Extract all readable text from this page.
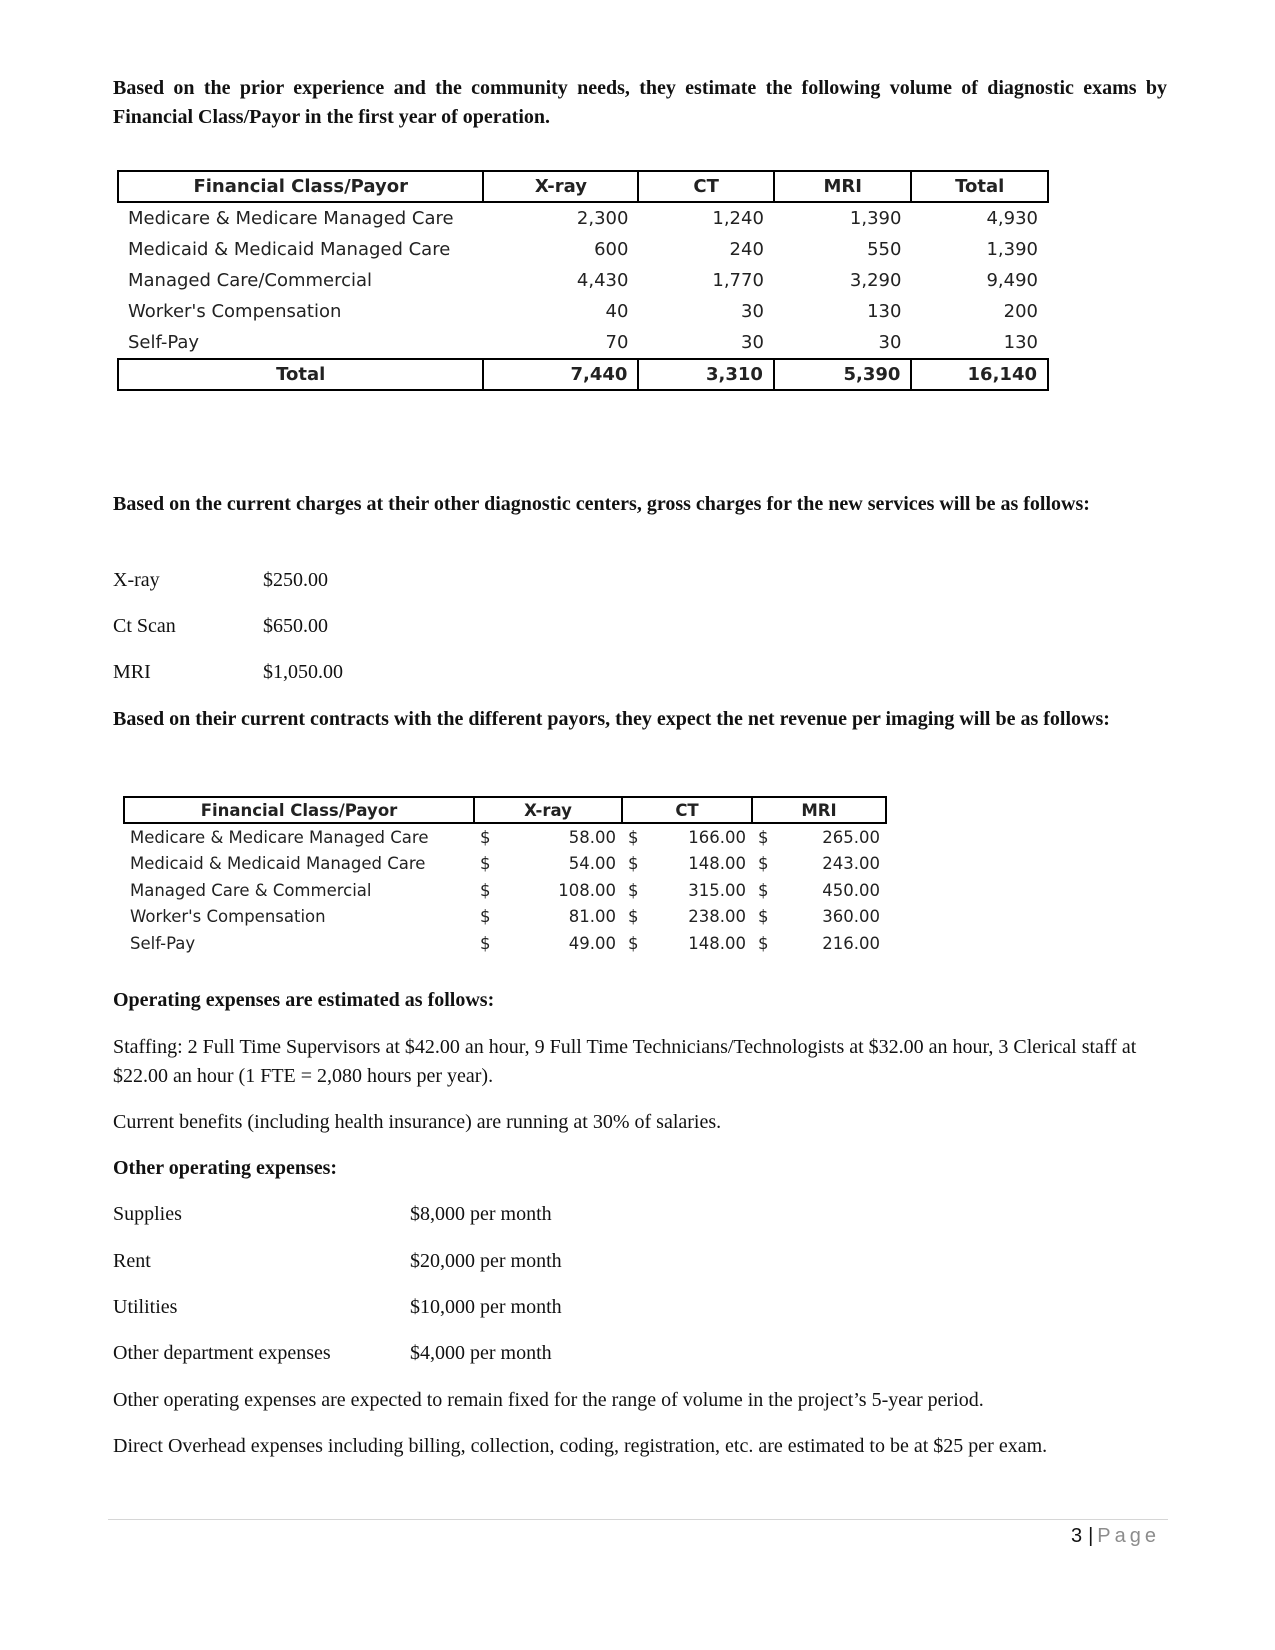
Based on the prior experience and the community needs, they estimate the following volume of diagnostic exams by Financial Class/Payor in the first year of operation.

Financial Class/Payor	X-ray	CT	MRI	Total
Medicare & Medicare Managed Care	2,300	1,240	1,390	4,930
Medicaid & Medicaid Managed Care	600	240	550	1,390
Managed Care/Commercial	4,430	1,770	3,290	9,490
Worker's Compensation	40	30	130	200
Self-Pay	70	30	30	130
Total	7,440	3,310	5,390	16,140

Based on the current charges at their other diagnostic centers, gross charges for the new services will be as follows:

X-ray	$250.00
Ct Scan	$650.00
MRI	$1,050.00

Based on their current contracts with the different payors, they expect the net revenue per imaging will be as follows:

Financial Class/Payor	X-ray		CT		MRI	
Medicare & Medicare Managed Care	$	58.00	$	166.00	$	265.00
Medicaid & Medicaid Managed Care	$	54.00	$	148.00	$	243.00
Managed Care & Commercial	$	108.00	$	315.00	$	450.00
Worker's Compensation	$	81.00	$	238.00	$	360.00
Self-Pay	$	49.00	$	148.00	$	216.00

Operating expenses are estimated as follows:

Staffing: 2 Full Time Supervisors at $42.00 an hour, 9 Full Time Technicians/Technologists at $32.00 an hour, 3 Clerical staff at $22.00 an hour (1 FTE = 2,080 hours per year).

Current benefits (including health insurance) are running at 30% of salaries.

Other operating expenses:

Supplies	$8,000 per month
Rent	$20,000 per month
Utilities	$10,000 per month
Other department expenses	$4,000 per month

Other operating expenses are expected to remain fixed for the range of volume in the project’s 5-year period.

Direct Overhead expenses including billing, collection, coding, registration, etc. are estimated to be at $25 per exam.

3 | Page
